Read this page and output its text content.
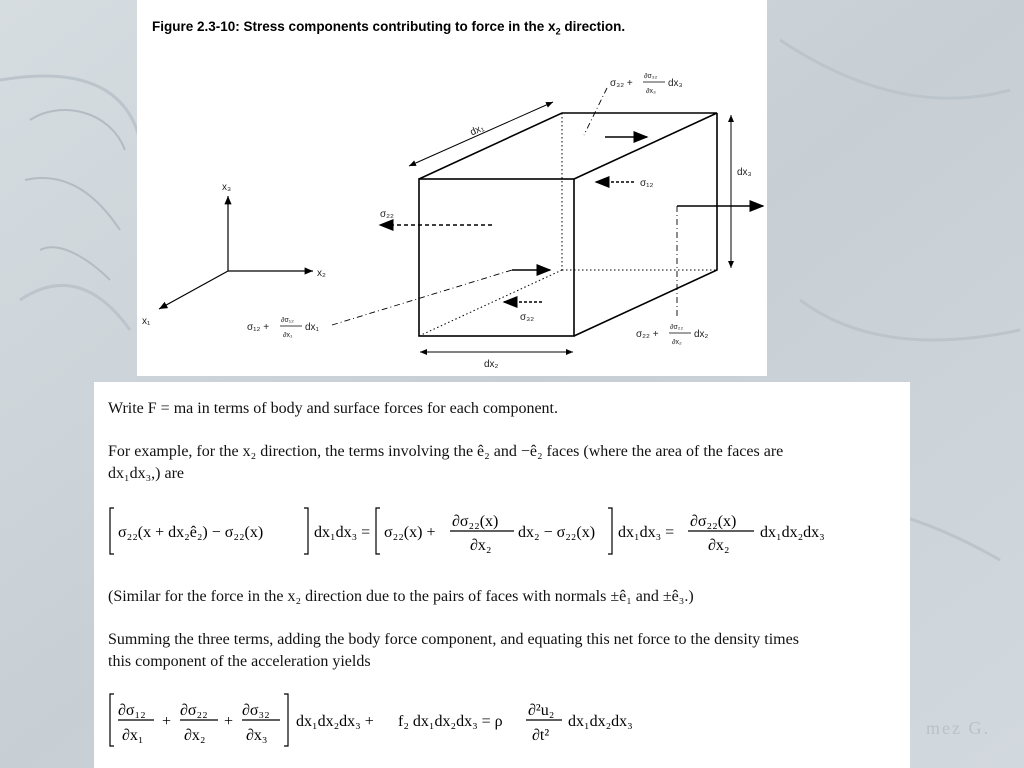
mez G.
Figure 2.3-10: Stress components contributing to force in the $x_2$ direction.
x₃
x₂
x₁
dx₁
dx₂
dx₃
σ₂₂
σ₁₂
σ₃₂
σ₃₂ +
∂σ₃₂
∂x₃
dx₃
σ₁₂ +
∂σ₁₂
∂x₁
dx₁
σ₂₂ +
∂σ₂₂
∂x₂
dx₂

Write F = ma in terms of body and surface forces for each component.

For example, for the x₂ direction, the terms involving the ê₂ and −ê₂ faces (where the area of the faces are

dx₁dx₃,) are

σ₂₂(x + dx₂ê₂) − σ₂₂(x)	dx₁dx₃ = σ₂₂(x) +
∂σ₂₂(x)
∂x₂
dx₂ − σ₂₂(x) dx₁dx₃ =
∂σ₂₂(x)
∂x₂
dx₁dx₂dx₃

(Similar for the force in the x₂ direction due to the pairs of faces with normals ±ê₁ and ±ê₃.)

Summing the three terms, adding the body force component, and equating this net force to the density times

this component of the acceleration yields

∂σ₁₂
∂x₁
+
∂σ₂₂
∂x₂
+
∂σ₃₂
∂x₃
dx₁dx₂dx₃ + f₂ dx₁dx₂dx₃ = ρ
∂²u₂
∂t²
dx₁dx₂dx₃
